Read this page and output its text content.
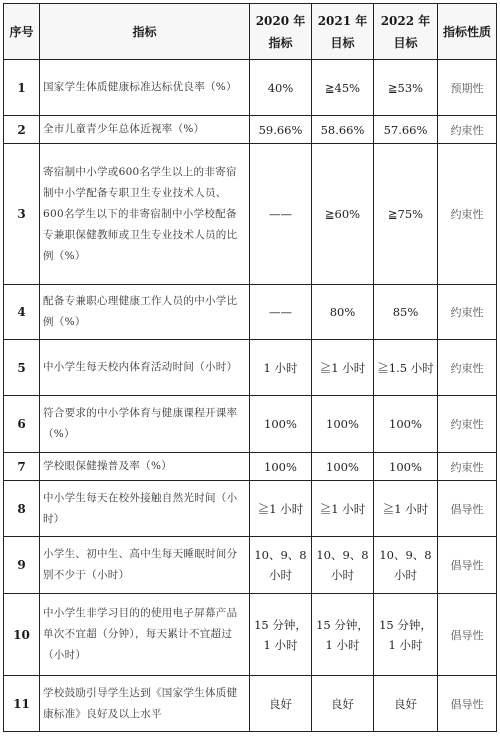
序号	指标	2020 年指标	2021 年目标	2022 年目标	指标性质
1	国家学生体质健康标准达标优良率（%）	40%	≧45%	≧53%	预期性
2	全市儿童青少年总体近视率（%）	59.66%	58.66%	57.66%	约束性
3	寄宿制中小学或600名学生以上的非寄宿制中小学配备专职卫生专业技术人员、600名学生以下的非寄宿制中小学校配备专兼职保健教师或卫生专业技术人员的比例（%）	——	≧60%	≧75%	约束性
4	配备专兼职心理健康工作人员的中小学比例（%）	——	80%	85%	约束性
5	中小学生每天校内体育活动时间（小时）	1 小时	≧1 小时	≧1.5 小时	约束性
6	符合要求的中小学体育与健康课程开课率（%）	100%	100%	100%	约束性
7	学校眼保健操普及率（%）	100%	100%	100%	约束性
8	中小学生每天在校外接触自然光时间（小时）	≧1 小时	≧1 小时	≧1 小时	倡导性
9	小学生、初中生、高中生每天睡眠时间分别不少于（小时）	10、9、8 小时	10、9、8 小时	10、9、8 小时	倡导性
10	中小学生非学习目的的使用电子屏幕产品单次不宜超（分钟），每天累计不宜超过（小时）	15 分钟，1 小时	15 分钟，1 小时	15 分钟，1 小时	倡导性
11	学校鼓励引导学生达到《国家学生体质健康标准》良好及以上水平	良好	良好	良好	倡导性
